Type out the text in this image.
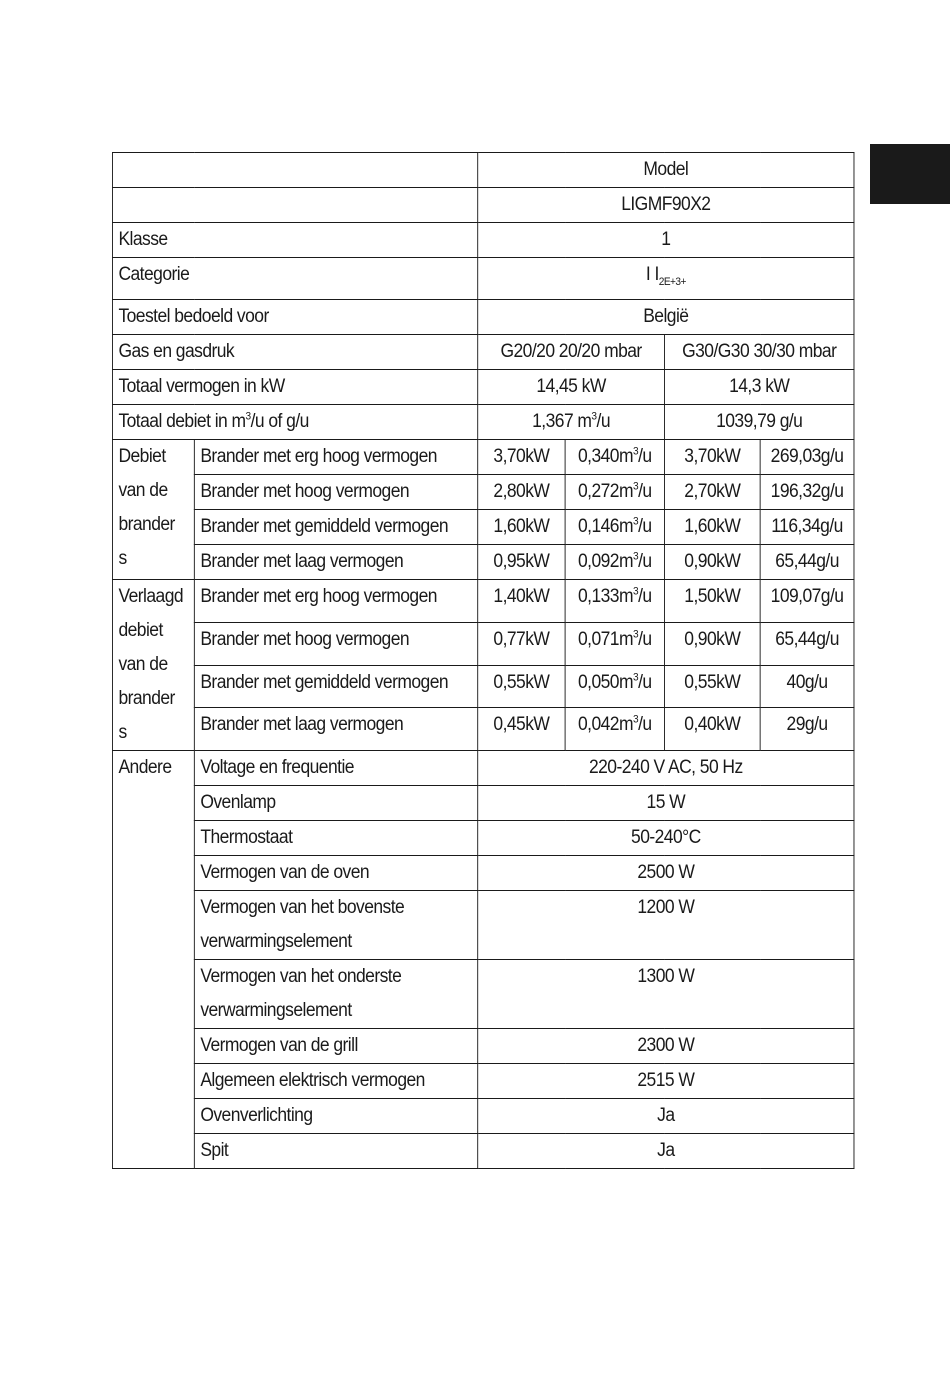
		Model			
		LIGMF90X2			
Klasse		1			
Categorie		I $I_{2E+3+}$
Toestel bedoeld voor		België			
Gas en gasdruk		G20/20 20/20 mbar		G30/G30 30/30 mbar	
Totaal vermogen in kW		14,45 kW		14,3 kW	
Totaal debiet in $m^3/u$ of g/u		1,367 $m^3/u$		1039,79 g/u	
Debiet
van de
brander
s	Brander met erg hoog vermogen	3,70kW	$0,340m^3/u$	3,70kW	269,03g/u
	Brander met hoog vermogen	2,80kW	$0,272m^3/u$	2,70kW	196,32g/u
	Brander met gemiddeld vermogen	1,60kW	$0,146m^3/u$	1,60kW	116,34g/u
	Brander met laag vermogen	0,95kW	$0,092m^3/u$	0,90kW	65,44g/u
Verlaagd
debiet
van de
brander
s	Brander met erg hoog vermogen	1,40kW	$0,133m^3/u$	1,50kW	109,07g/u
	Brander met hoog vermogen	0,77kW	$0,071m^3/u$	0,90kW	65,44g/u
	Brander met gemiddeld vermogen	0,55kW	$0,050m^3/u$	0,55kW	40g/u
	Brander met laag vermogen	0,45kW	$0,042m^3/u$	0,40kW	29g/u
Andere	Voltage en frequentie	220-240 V AC, 50 Hz			
	Ovenlamp	15 W			
	Thermostaat	50-240°C			
	Vermogen van de oven	2500 W			
	Vermogen van het bovenste verwarmingselement	1200 W			
	Vermogen van het onderste verwarmingselement	1300 W			
	Vermogen van de grill	2300 W			
	Algemeen elektrisch vermogen	2515 W			
	Ovenverlichting	Ja			
	Spit	Ja			
